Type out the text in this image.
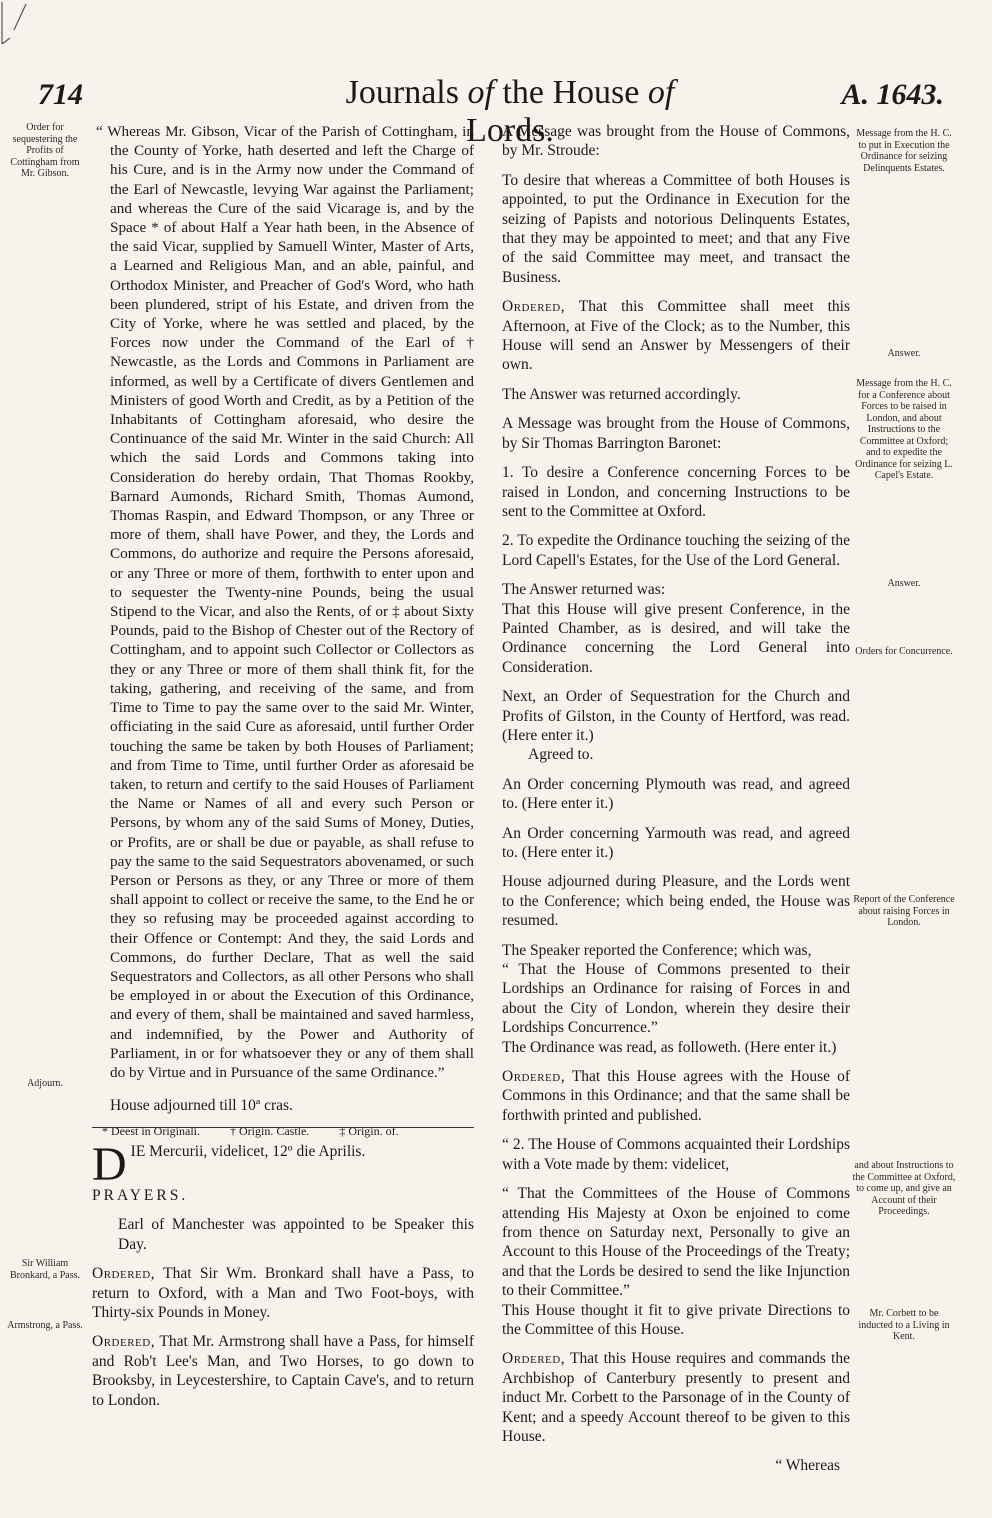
714	Journals of the House of Lords.
A. 1643.
Order for sequestering the Profits of Cottingham from Mr. Gibson.
Adjourn.
Sir William Bronkard, a Pass.
Armstrong, a Pass.

“ Whereas Mr. Gibson, Vicar of the Parish of Cottingham, in the County of Yorke, hath deserted and left the Charge of his Cure, and is in the Army now under the Command of the Earl of Newcastle, levying War against the Parliament; and whereas the Cure of the said Vicarage is, and by the Space * of about Half a Year hath been, in the Absence of the said Vicar, supplied by Samuell Winter, Master of Arts, a Learned and Religious Man, and an able, painful, and Orthodox Minister, and Preacher of God's Word, who hath been plundered, stript of his Estate, and driven from the City of Yorke, where he was settled and placed, by the Forces now under the Command of the Earl of † Newcastle, as the Lords and Commons in Parliament are informed, as well by a Certificate of divers Gentlemen and Ministers of good Worth and Credit, as by a Petition of the Inhabitants of Cottingham aforesaid, who desire the Continuance of the said Mr. Winter in the said Church: All which the said Lords and Commons taking into Consideration do hereby ordain, That Thomas Rookby, Barnard Aumonds, Richard Smith, Thomas Aumond, Thomas Raspin, and Edward Thompson, or any Three or more of them, shall have Power, and they, the Lords and Commons, do authorize and require the Persons aforesaid, or any Three or more of them, forthwith to enter upon and to sequester the Twenty-nine Pounds, being the usual Stipend to the Vicar, and also the Rents, of or ‡ about Sixty Pounds, paid to the Bishop of Chester out of the Rectory of Cottingham, and to appoint such Collector or Collectors as they or any Three or more of them shall think fit, for the taking, gathering, and receiving of the same, and from Time to Time to pay the same over to the said Mr. Winter, officiating in the said Cure as aforesaid, until further Order touching the same be taken by both Houses of Parliament; and from Time to Time, until further Order as aforesaid be taken, to return and certify to the said Houses of Parliament the Name or Names of all and every such Person or Persons, by whom any of the said Sums of Money, Duties, or Profits, are or shall be due or payable, as shall refuse to pay the same to the said Sequestrators abovenamed, or such Person or Persons as they, or any Three or more of them shall appoint to collect or receive the same, to the End he or they so refusing may be proceeded against according to their Offence or Contempt: And they, the said Lords and Commons, do further Declare, That as well the said Sequestrators and Collectors, as all other Persons who shall be employed in or about the Execution of this Ordinance, and every of them, shall be maintained and saved harmless, and indemnified, by the Power and Authority of Parliament, in or for whatsoever they or any of them shall do by Virtue and in Pursuance of the same Ordinance.”

House adjourned till 10ª cras.

* Deest in Originali.	† Origin. Castle.	‡ Origin. of.

DIE Mercurii, videlicet, 12º die Aprilis.

PRAYERS.

Earl of Manchester was appointed to be Speaker this Day.

Ordered, That Sir Wm. Bronkard shall have a Pass, to return to Oxford, with a Man and Two Foot-boys, with Thirty-six Pounds in Money.

Ordered, That Mr. Armstrong shall have a Pass, for himself and Rob't Lee's Man, and Two Horses, to go down to Brooksby, in Leycestershire, to Captain Cave's, and to return to London.

A Message was brought from the House of Commons, by Mr. Stroude:

To desire that whereas a Committee of both Houses is appointed, to put the Ordinance in Execution for the seizing of Papists and notorious Delinquents Estates, that they may be appointed to meet; and that any Five of the said Committee may meet, and transact the Business.

Ordered, That this Committee shall meet this Afternoon, at Five of the Clock; as to the Number, this House will send an Answer by Messengers of their own.

The Answer was returned accordingly.

A Message was brought from the House of Commons, by Sir Thomas Barrington Baronet:

1. To desire a Conference concerning Forces to be raised in London, and concerning Instructions to be sent to the Committee at Oxford.

2. To expedite the Ordinance touching the seizing of the Lord Capell's Estates, for the Use of the Lord General.

The Answer returned was:

That this House will give present Conference, in the Painted Chamber, as is desired, and will take the Ordinance concerning the Lord General into Consideration.

Next, an Order of Sequestration for the Church and Profits of Gilston, in the County of Hertford, was read. (Here enter it.)

Agreed to.

An Order concerning Plymouth was read, and agreed to. (Here enter it.)

An Order concerning Yarmouth was read, and agreed to. (Here enter it.)

House adjourned during Pleasure, and the Lords went to the Conference; which being ended, the House was resumed.

The Speaker reported the Conference; which was,

“ That the House of Commons presented to their Lordships an Ordinance for raising of Forces in and about the City of London, wherein they desire their Lordships Concurrence.”

The Ordinance was read, as followeth. (Here enter it.)

Ordered, That this House agrees with the House of Commons in this Ordinance; and that the same shall be forthwith printed and published.

“ 2. The House of Commons acquainted their Lordships with a Vote made by them: videlicet,

“ That the Committees of the House of Commons attending His Majesty at Oxon be enjoined to come from thence on Saturday next, Personally to give an Account to this House of the Proceedings of the Treaty; and that the Lords be desired to send the like Injunction to their Committee.”

This House thought it fit to give private Directions to the Committee of this House.

Ordered, That this House requires and commands the Archbishop of Canterbury presently to present and induct Mr. Corbett to the Parsonage of in the County of Kent; and a speedy Account thereof to be given to this House.

“ Whereas

Message from the H. C. to put in Execution the Ordinance for seizing Delinquents Estates.
Answer.
Message from the H. C. for a Conference about Forces to be raised in London, and about Instructions to the Committee at Oxford; and to expedite the Ordinance for seizing L. Capel's Estate.
Answer.
Orders for Concurrence.
Report of the Conference about raising Forces in London.
and about Instructions to the Committee at Oxford, to come up, and give an Account of their Proceedings.
Mr. Corbett to be inducted to a Living in Kent.
